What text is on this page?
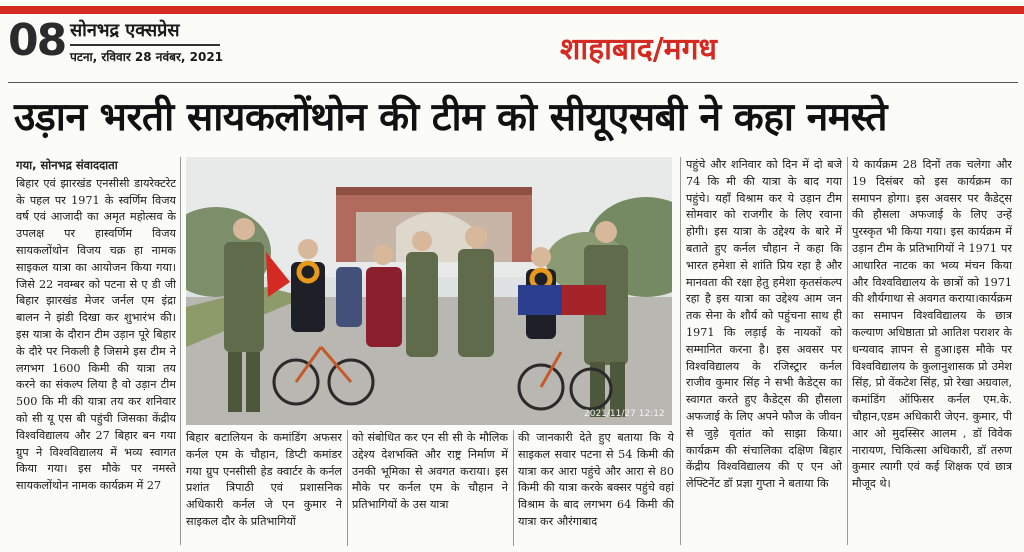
08 सोनभद्र एक्सप्रेस
पटना, रविवार 28 नवंबर, 2021	शाहाबाद/मगध
उड़ान भरती सायकलोंथोन की टीम को सीयूएसबी ने कहा नमस्ते
गया, सोनभद्र संवाददाता
बिहार एवं झारखंड एनसीसी डायरेक्टरेट के पहल पर 1971 के स्वर्णिम विजय वर्ष एवं आजादी का अमृत महोत्सव के उपलक्ष पर हास्वर्णिम विजय सायकलोंथोन विजय चक्र हा नामक साइकल यात्रा का आयोजन किया गया। जिसे 22 नवम्बर को पटना से ए डी जी बिहार झारखंड मेजर जर्नल एम इंद्रा बालन ने झंडी दिखा कर शुभारंभ की। इस यात्रा के दौरान टीम उड़ान पूरे बिहार के दौरे पर निकली है जिसमे इस टीम ने लगभग 1600 किमी की यात्रा तय करने का संकल्प लिया है वो उड़ान टीम 500 कि मी की यात्रा तय कर शनिवार को सी यू एस बी पहुंची जिसका केंद्रीय विश्वविद्यालय और 27 बिहार बन गया ग्रुप ने विश्वविद्यालय में भव्य स्वागत किया गया। इस मौके पर नमस्ते सायकलोंथोन नामक कार्यक्रम में 27
2021/11/27 12:12
बिहार बटालियन के कमांडिंग अफसर कर्नल एम के चौहान, डिप्टी कमांडर गया ग्रुप एनसीसी हेड क्वार्टर के कर्नल प्रशांत त्रिपाठी एवं प्रशासनिक अधिकारी कर्नल जे एन कुमार ने साइकल दौर के प्रतिभागियों
को संबोधित कर एन सी सी के मौलिक उद्देश्य देशभक्ति और राष्ट्र निर्माण में उनकी भूमिका से अवगत कराया। इस मौके पर कर्नल एम के चौहान ने प्रतिभागियों के उस यात्रा
की जानकारी देते हुए बताया कि ये साइकल सवार पटना से 54 किमी की यात्रा कर आरा पहुंचे और आरा से 80 किमी की यात्रा करके बक्सर पहुंचे वहां विश्राम के बाद लगभग 64 किमी की यात्रा कर औरंगाबाद
पहुंचे और शनिवार को दिन में दो बजे 74 कि मी की यात्रा के बाद गया पहुंचे। यहाँ विश्राम कर ये उड़ान टीम सोमवार को राजगीर के लिए रवाना होगी। इस यात्रा के उद्देश्य के बारे में बताते हुए कर्नल चौहान ने कहा कि भारत हमेशा से शांति प्रिय रहा है और मानवता की रक्षा हेतु हमेशा कृतसंकल्प रहा है इस यात्रा का उद्देश्य आम जन तक सेना के शौर्य को पहुंचना साथ ही 1971 कि लड़ाई के नायकों को सम्मानित करना है। इस अवसर पर विश्वविद्यालय के रजिस्ट्रार कर्नल राजीव कुमार सिंह ने सभी कैडेट्स का स्वागत करते हुए कैडेट्स की हौसला अफजाई के लिए अपने फौज के जीवन से जुड़े वृतांत को साझा किया। कार्यक्रम की संचालिका दक्षिण बिहार केंद्रीय विश्वविद्यालय की ए एन ओ लेफ्टिनेंट डॉ प्रज्ञा गुप्ता ने बताया कि
ये कार्यक्रम 28 दिनों तक चलेगा और 19 दिसंबर को इस कार्यक्रम का समापन होगा। इस अवसर पर कैडेट्स की हौसला अफजाई के लिए उन्हें पुरस्कृत भी किया गया। इस कार्यक्रम में उड़ान टीम के प्रतिभागियों ने 1971 पर आधारित नाटक का भव्य मंचन किया और विश्वविद्यालय के छात्रों को 1971 की शौर्यगाथा से अवगत कराया।कार्यक्रम का समापन विश्वविद्यालय के छात्र कल्याण अधिष्ठाता प्रो आतिश पराशर के धन्यवाद ज्ञापन से हुआ।इस मौके पर विश्वविद्यालय के कुलानुशासक प्रो उमेश सिंह, प्रो वेंकटेश सिंह, प्रो रेखा अग्रवाल, कमांडिंग ऑफिसर कर्नल एम.के. चौहान,एडम अधिकारी जेएन. कुमार, पी आर ओ मुदस्सिर आलम , डॉ विवेक नारायण, चिकित्सा अधिकारी, डॉ तरुण कुमार त्यागी एवं कई शिक्षक एवं छात्र मौजूद थे।
